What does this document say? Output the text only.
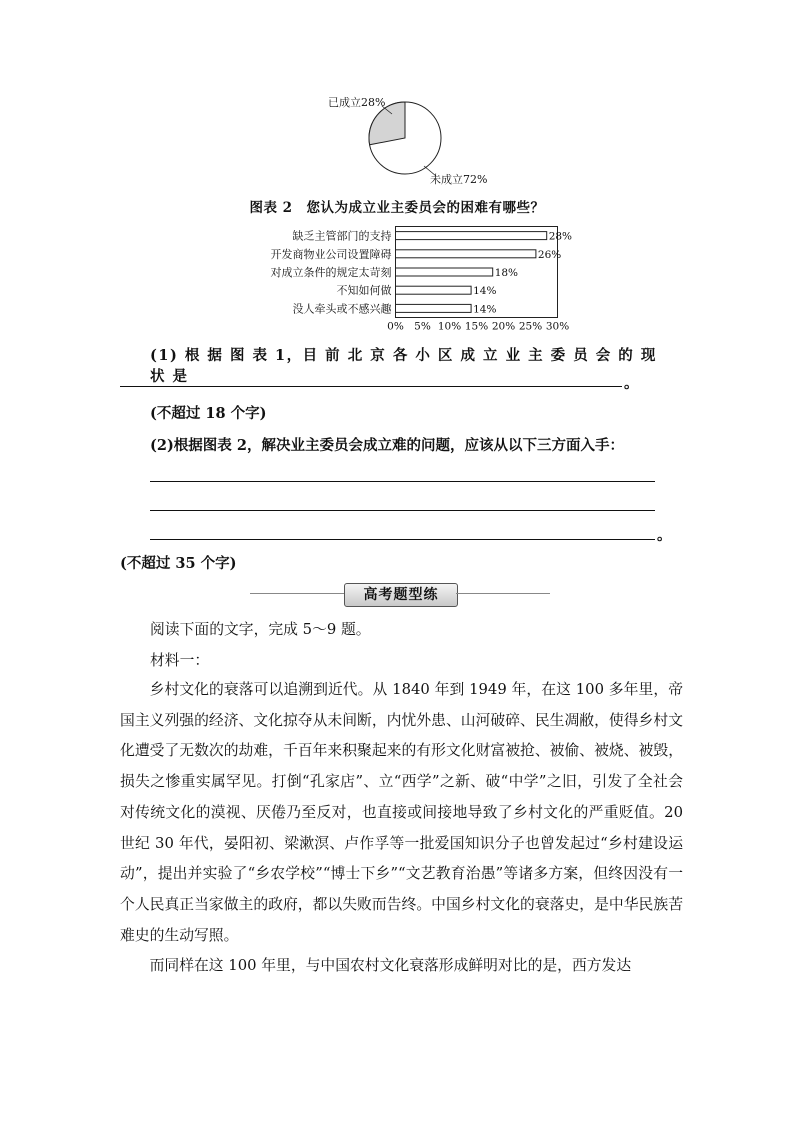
已成立28%
未成立72%
图表 2　您认为成立业主委员会的困难有哪些？
缺乏主管部门的支持
开发商物业公司设置障碍
对成立条件的规定太苛刻
不知如何做
没人牵头或不感兴趣
28%
26%
18%
14%
14%
0% 5% 10% 15% 20% 25% 30%
(1) 根 据 图 表 1，目 前 北 京 各 小 区 成 立 业 主 委 员 会 的 现 状 是	。
(不超过 18 个字)
(2)根据图表 2，解决业主委员会成立难的问题，应该从以下三方面入手：
。
(不超过 35 个字)
高考题型练
阅读下面的文字，完成 5～9 题。
材料一：

乡村文化的衰落可以追溯到近代。从 1840 年到 1949 年，在这 100 多年里，帝国主义列强的经济、文化掠夺从未间断，内忧外患、山河破碎、民生凋敝，使得乡村文化遭受了无数次的劫难，千百年来积聚起来的有形文化财富被抢、被偷、被烧、被毁，损失之惨重实属罕见。打倒“孔家店”、立“西学”之新、破“中学”之旧，引发了全社会对传统文化的漠视、厌倦乃至反对，也直接或间接地导致了乡村文化的严重贬值。20 世纪 30 年代，晏阳初、梁漱溟、卢作孚等一批爱国知识分子也曾发起过“乡村建设运动”，提出并实验了“乡农学校”“博士下乡”“文艺教育治愚”等诸多方案，但终因没有一个人民真正当家做主的政府，都以失败而告终。中国乡村文化的衰落史，是中华民族苦难史的生动写照。

而同样在这 100 年里，与中国农村文化衰落形成鲜明对比的是，西方发达
